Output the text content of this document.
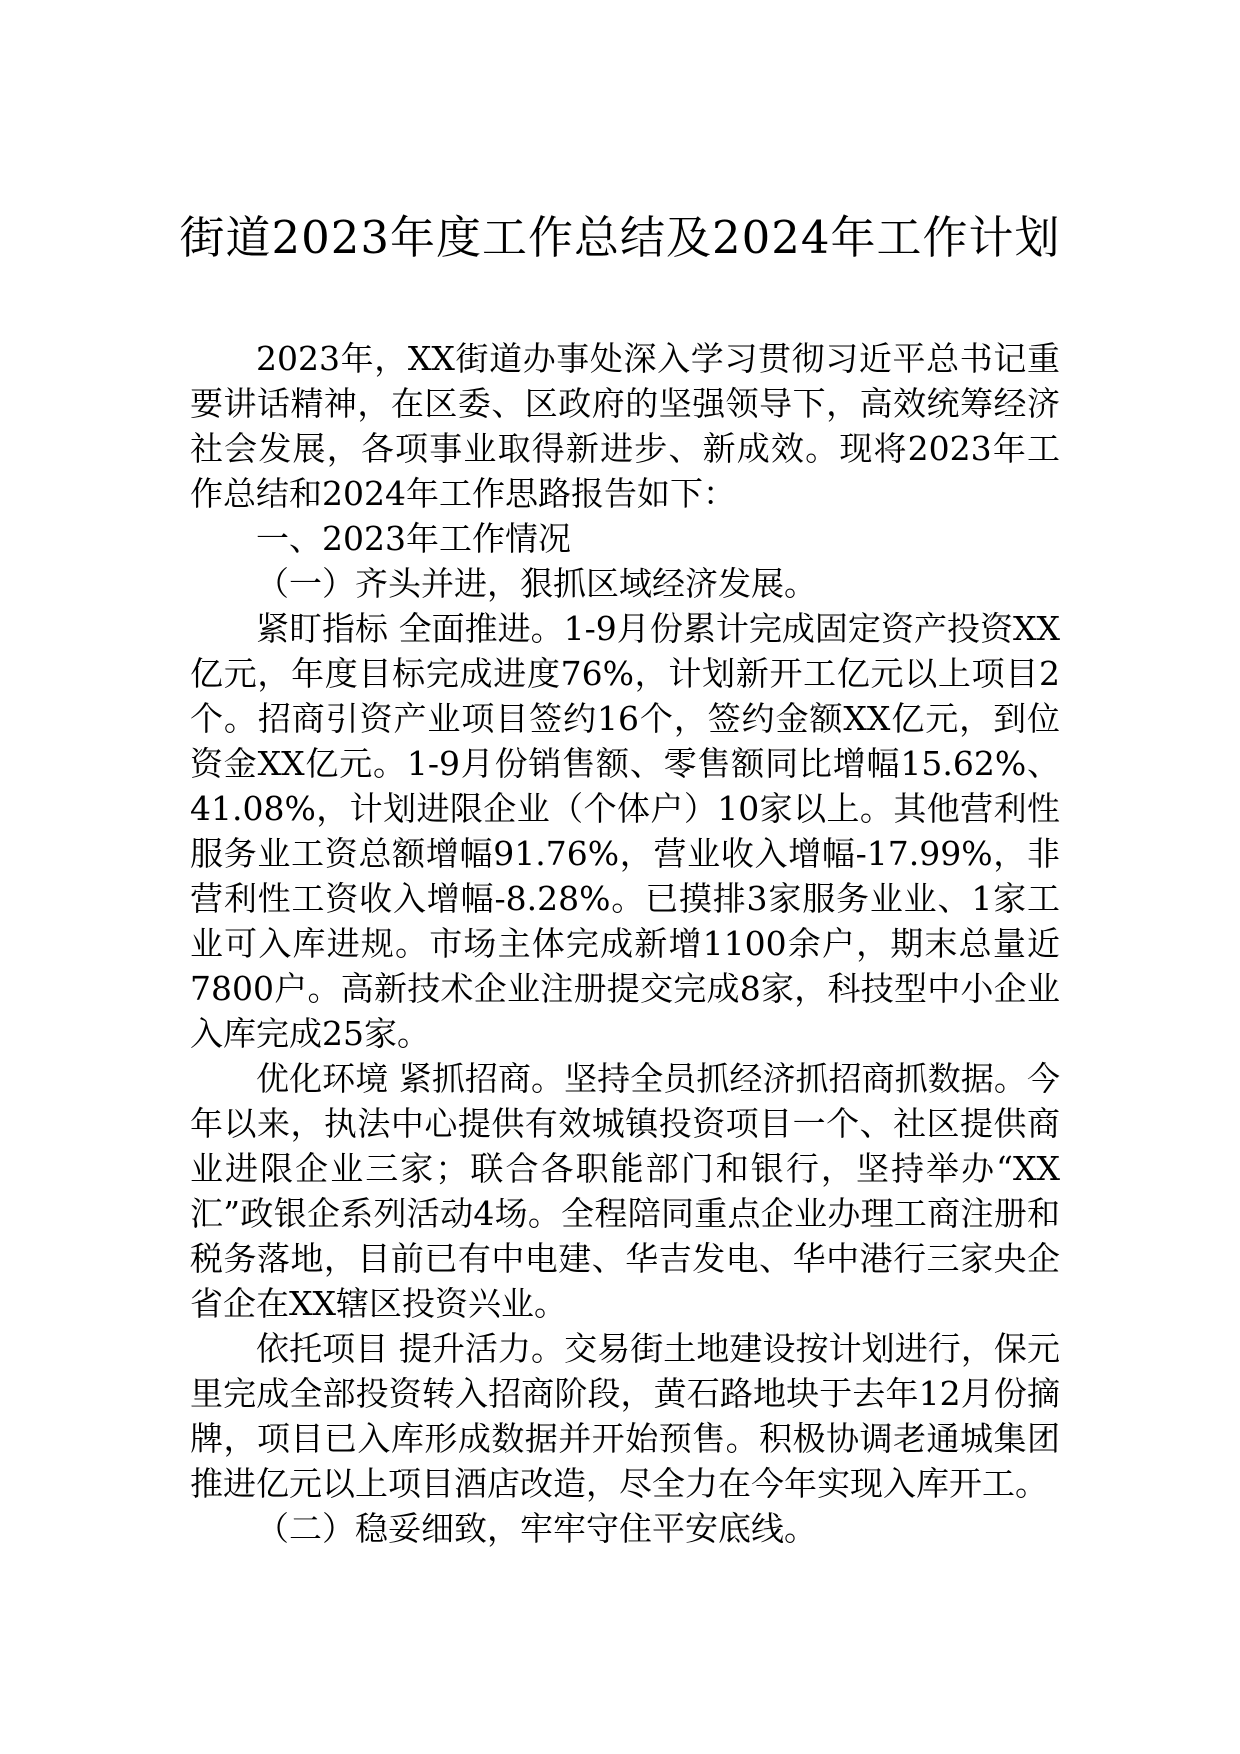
街道2023年度工作总结及2024年工作计划

2023年，XX街道办事处深入学习贯彻习近平总书记重要讲话精神，在区委、区政府的坚强领导下，高效统筹经济社会发展，各项事业取得新进步、新成效。现将2023年工作总结和2024年工作思路报告如下：

一、2023年工作情况

（一）齐头并进，狠抓区域经济发展。

紧盯指标 全面推进。1-9月份累计完成固定资产投资XX亿元，年度目标完成进度76%，计划新开工亿元以上项目2个。招商引资产业项目签约16个，签约金额XX亿元，到位资金XX亿元。1-9月份销售额、零售额同比增幅15.62%、41.08%，计划进限企业（个体户）10家以上。其他营利性服务业工资总额增幅91.76%，营业收入增幅-17.99%，非营利性工资收入增幅-8.28%。已摸排3家服务业业、1家工业可入库进规。市场主体完成新增1100余户，期末总量近7800户。高新技术企业注册提交完成8家，科技型中小企业入库完成25家。

优化环境 紧抓招商。坚持全员抓经济抓招商抓数据。今年以来，执法中心提供有效城镇投资项目一个、社区提供商业进限企业三家；联合各职能部门和银行，坚持举办“XX汇”政银企系列活动4场。全程陪同重点企业办理工商注册和税务落地，目前已有中电建、华吉发电、华中港行三家央企省企在XX辖区投资兴业。

依托项目 提升活力。交易街土地建设按计划进行，保元里完成全部投资转入招商阶段，黄石路地块于去年12月份摘牌，项目已入库形成数据并开始预售。积极协调老通城集团推进亿元以上项目酒店改造，尽全力在今年实现入库开工。

（二）稳妥细致，牢牢守住平安底线。
